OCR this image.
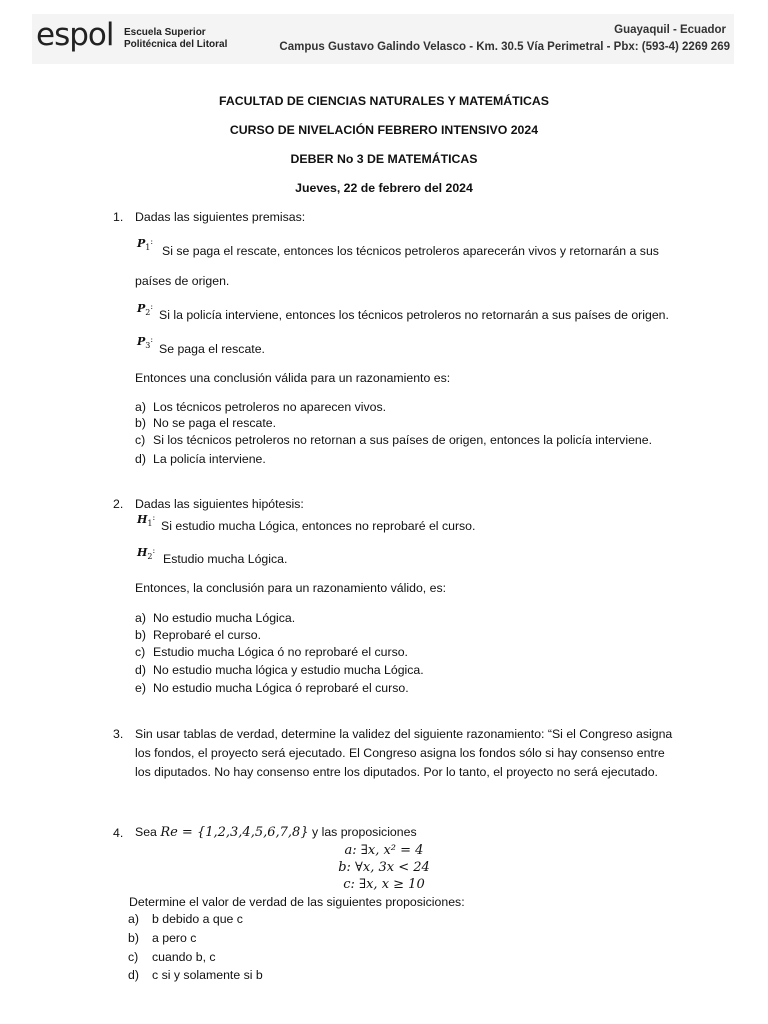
espol Escuela Superior
Politécnica del Litoral
Guayaquil - Ecuador
Campus Gustavo Galindo Velasco - Km. 30.5 Vía Perimetral - Pbx: (593-4) 2269 269
FACULTAD DE CIENCIAS NATURALES Y MATEMÁTICAS
CURSO DE NIVELACIÓN FEBRERO INTENSIVO 2024
DEBER No 3 DE MATEMÁTICAS
Jueves, 22 de febrero del 2024
1. Dadas las siguientes premisas:
$P_1^:$
Si se paga el rescate, entonces los técnicos petroleros aparecerán vivos y retornarán a sus
países de origen.
$P_2^:$
Si la policía interviene, entonces los técnicos petroleros no retornarán a sus países de origen.
$P_3^:$
Se paga el rescate.
Entonces una conclusión válida para un razonamiento es:
a) Los técnicos petroleros no aparecen vivos.
b) No se paga el rescate.
c) Si los técnicos petroleros no retornan a sus países de origen, entonces la policía interviene.
d) La policía interviene.
2. Dadas las siguientes hipótesis:
$H_1^:$
Si estudio mucha Lógica, entonces no reprobaré el curso.
$H_2^:$
Estudio mucha Lógica.
Entonces, la conclusión para un razonamiento válido, es:
a) No estudio mucha Lógica.
b) Reprobaré el curso.
c) Estudio mucha Lógica ó no reprobaré el curso.
d) No estudio mucha lógica y estudio mucha Lógica.
e) No estudio mucha Lógica ó reprobaré el curso.
3. Sin usar tablas de verdad, determine la validez del siguiente razonamiento: “Si el Congreso asigna
los fondos, el proyecto será ejecutado. El Congreso asigna los fondos sólo si hay consenso entre
los diputados. No hay consenso entre los diputados. Por lo tanto, el proyecto no será ejecutado.
4. Sea Re = {1,2,3,4,5,6,7,8} y las proposiciones
a: ∃x, x² = 4
b: ∀x, 3x < 24
c: ∃x, x ≥ 10
Determine el valor de verdad de las siguientes proposiciones:
a) b debido a que c
b) a pero c
c) cuando b, c
d) c si y solamente si b
